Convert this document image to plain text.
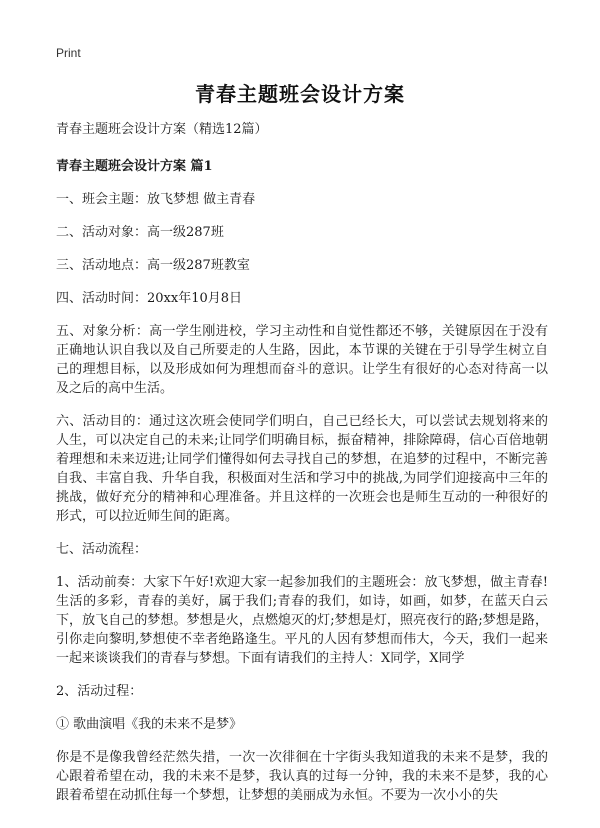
Print
青春主题班会设计方案

青春主题班会设计方案（精选12篇）

青春主题班会设计方案 篇1

一、班会主题：放飞梦想 做主青春

二、活动对象：高一级287班

三、活动地点：高一级287班教室

四、活动时间：20xx年10月8日

五、对象分析：高一学生刚进校，学习主动性和自觉性都还不够，关键原因在于没有正确地认识自我以及自己所要走的人生路，因此，本节课的关键在于引导学生树立自己的理想目标，以及形成如何为理想而奋斗的意识。让学生有很好的心态对待高一以及之后的高中生活。

六、活动目的：通过这次班会使同学们明白，自己已经长大，可以尝试去规划将来的人生，可以决定自己的未来;让同学们明确目标，振奋精神，排除障碍，信心百倍地朝着理想和未来迈进;让同学们懂得如何去寻找自己的梦想，在追梦的过程中，不断完善自我、丰富自我、升华自我，积极面对生活和学习中的挑战,为同学们迎接高中三年的挑战，做好充分的精神和心理准备。并且这样的一次班会也是师生互动的一种很好的形式，可以拉近师生间的距离。

七、活动流程：

1、活动前奏：大家下午好!欢迎大家一起参加我们的主题班会：放飞梦想，做主青春!生活的多彩，青春的美好，属于我们;青春的我们，如诗，如画，如梦，在蓝天白云下，放飞自己的梦想。梦想是火，点燃熄灭的灯;梦想是灯，照亮夜行的路;梦想是路，引你走向黎明,梦想使不幸者绝路逢生。平凡的人因有梦想而伟大，今天，我们一起来一起来谈谈我们的青春与梦想。下面有请我们的主持人：X同学，X同学

2、活动过程：

① 歌曲演唱《我的未来不是梦》

你是不是像我曾经茫然失措，一次一次徘徊在十字街头我知道我的未来不是梦，我的心跟着希望在动，我的未来不是梦，我认真的过每一分钟，我的未来不是梦，我的心跟着希望在动抓住每一个梦想，让梦想的美丽成为永恒。不要为一次小小的失
